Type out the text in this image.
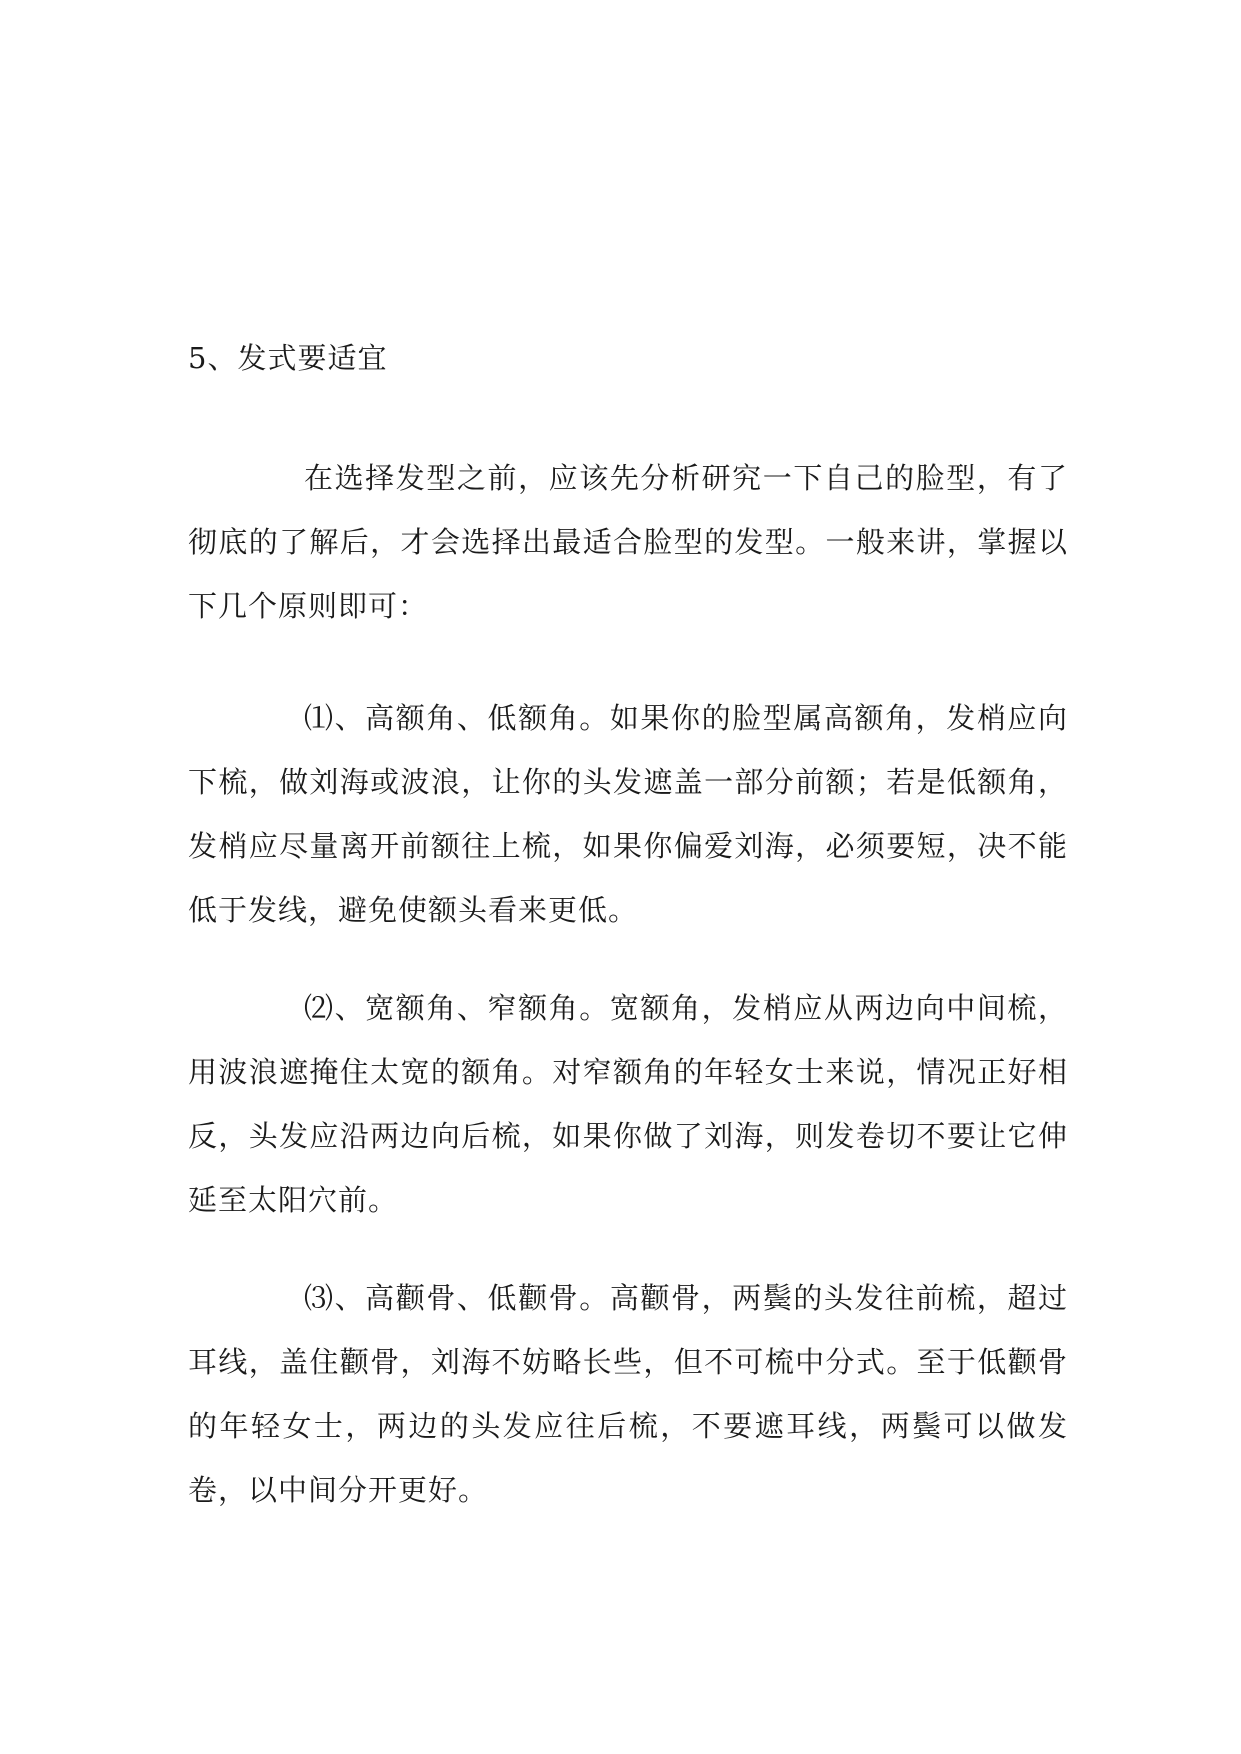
5、发式要适宜

在选择发型之前，应该先分析研究一下自己的脸型，有了彻底的了解后，才会选择出最适合脸型的发型。一般来讲，掌握以下几个原则即可：

⑴、高额角、低额角。如果你的脸型属高额角，发梢应向下梳，做刘海或波浪，让你的头发遮盖一部分前额；若是低额角，发梢应尽量离开前额往上梳，如果你偏爱刘海，必须要短，决不能低于发线，避免使额头看来更低。

⑵、宽额角、窄额角。宽额角，发梢应从两边向中间梳，用波浪遮掩住太宽的额角。对窄额角的年轻女士来说，情况正好相反，头发应沿两边向后梳，如果你做了刘海，则发卷切不要让它伸延至太阳穴前。

⑶、高颧骨、低颧骨。高颧骨，两鬓的头发往前梳，超过耳线，盖住颧骨，刘海不妨略长些，但不可梳中分式。至于低颧骨的年轻女士，两边的头发应往后梳，不要遮耳线，两鬓可以做发卷，以中间分开更好。
